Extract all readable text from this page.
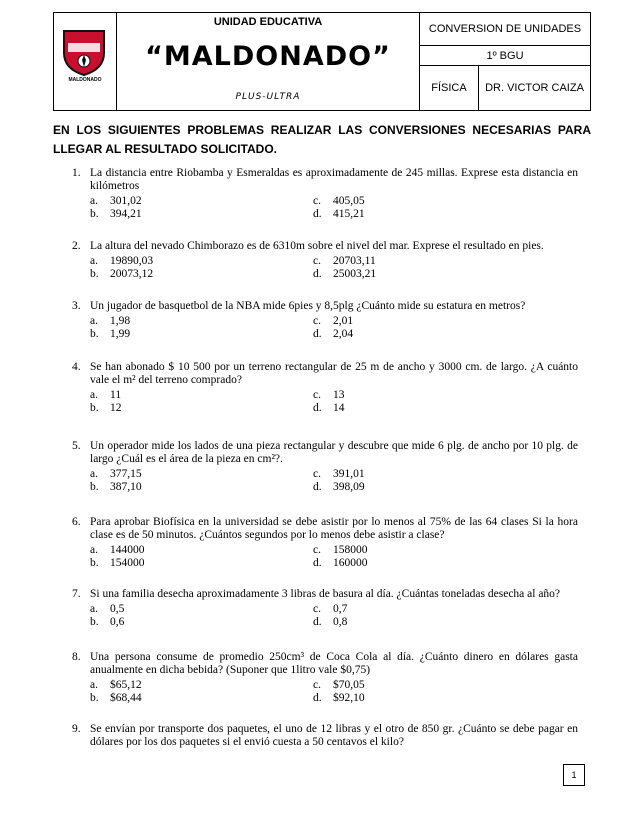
MALDONADO	UNIDAD EDUCATIVA
“MALDONADO”
PLUS-ULTRA	CONVERSION DE UNIDADES	
		1º BGU	
		FÍSICA	DR. VICTOR CAIZA
EN LOS SIGUIENTES PROBLEMAS REALIZAR LAS CONVERSIONES NECESARIAS PARA LLEGAR AL RESULTADO SOLICITADO.
1. La distancia entre Riobamba y Esmeraldas es aproximadamente de 245 millas. Exprese esta distancia en kilómetros
a.	301,02	c.	405,05
b. 394,21	d. 415,21
2. La altura del nevado Chimborazo es de 6310m sobre el nivel del mar. Exprese el resultado en pies.
a.	19890,03	c.	20703,11
b. 20073,12	d. 25003,21
3. Un jugador de basquetbol de la NBA mide 6pies y 8,5plg ¿Cuánto mide su estatura en metros?
a.	1,98	c.	2,01
b. 1,99	d. 2,04
4. Se han abonado $ 10 500 por un terreno rectangular de 25 m de ancho y 3000 cm. de largo. ¿A cuánto vale el m² del terreno comprado?
a.	11	c.	13
b. 12	d. 14
5. Un operador mide los lados de una pieza rectangular y descubre que mide 6 plg. de ancho por 10 plg. de largo ¿Cuál es el área de la pieza en cm²?.
a.	377,15	c.	391,01
b. 387,10	d. 398,09
6. Para aprobar Biofísica en la universidad se debe asistir por lo menos al 75% de las 64 clases Si la hora clase es de 50 minutos. ¿Cuántos segundos por lo menos debe asistir a clase?
a.	144000	c.	158000
b. 154000	d. 160000
7. Si una familia desecha aproximadamente 3 libras de basura al día. ¿Cuántas toneladas desecha al año?
a.	0,5	c.	0,7
b. 0,6	d. 0,8
8. Una persona consume de promedio 250cm³ de Coca Cola al día. ¿Cuánto dinero en dólares gasta anualmente en dicha bebida? (Suponer que 1litro vale $0,75)
a.	$65,12	c.	$70,05
b. $68,44	d. $92,10
9. Se envían por transporte dos paquetes, el uno de 12 libras y el otro de 850 gr. ¿Cuánto se debe pagar en dólares por los dos paquetes si el envió cuesta a 50 centavos el kilo?
1
